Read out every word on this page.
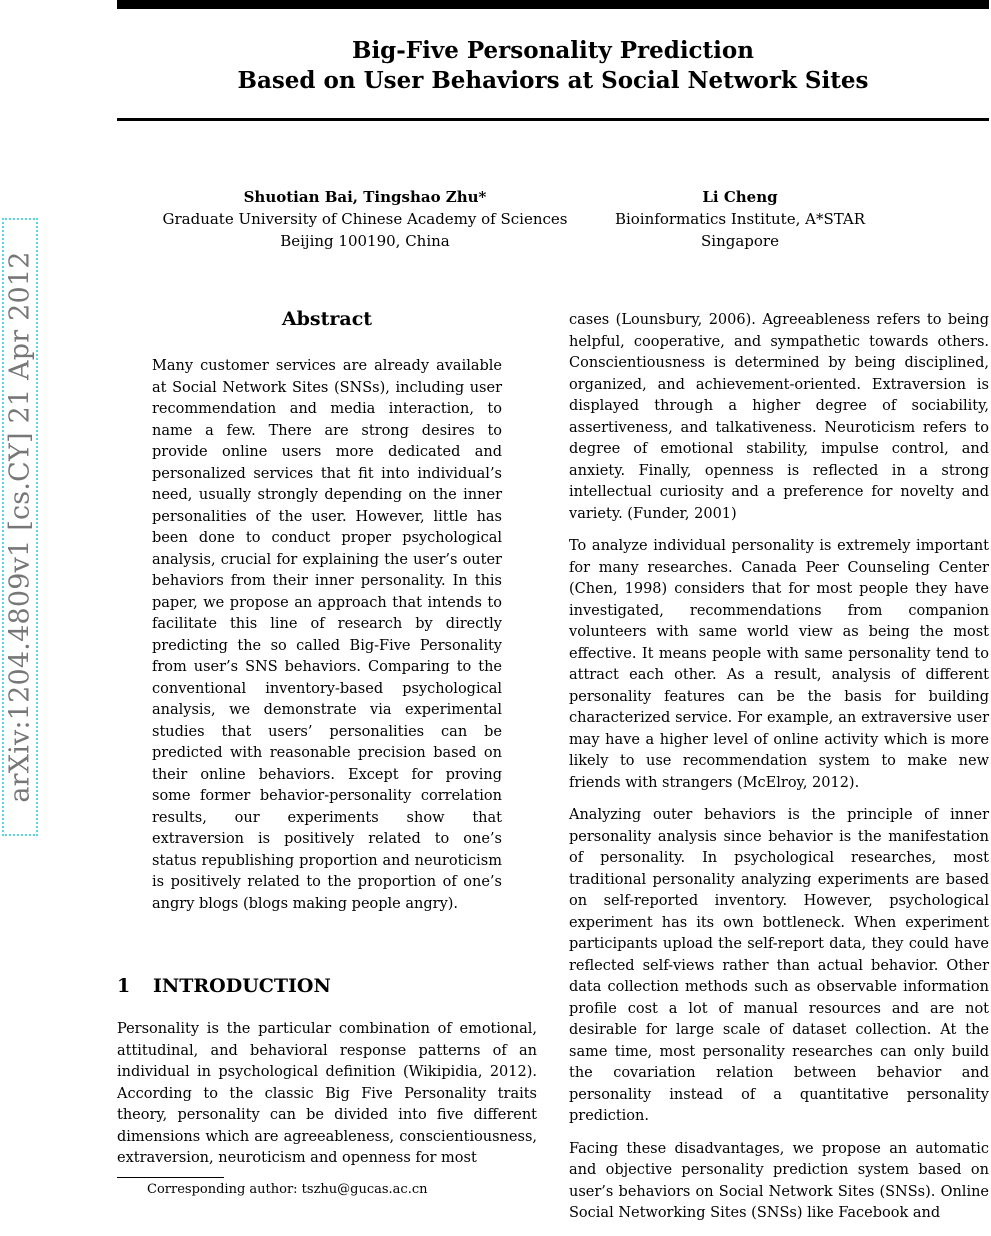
arXiv:1204.4809v1 [cs.CY] 21 Apr 2012
Big-Five Personality Prediction
Based on User Behaviors at Social Network Sites
Shuotian Bai, Tingshao Zhu*
Graduate University of Chinese Academy of Sciences
Beijing 100190, China
Li Cheng
Bioinformatics Institute, A*STAR
Singapore
Abstract

Many customer services are already available at Social Network Sites (SNSs), including user recommendation and media interaction, to name a few. There are strong desires to provide online users more dedicated and personalized services that fit into individual’s need, usually strongly depending on the inner personalities of the user. However, little has been done to conduct proper psychological analysis, crucial for explaining the user’s outer behaviors from their inner personality. In this paper, we propose an approach that intends to facilitate this line of research by directly predicting the so called Big-Five Personality from user’s SNS behaviors. Comparing to the conventional inventory-based psychological analysis, we demonstrate via experimental studies that users’ personalities can be predicted with reasonable precision based on their online behaviors. Except for proving some former behavior-personality correlation results, our experiments show that extraversion is positively related to one’s status republishing proportion and neuroticism is positively related to the proportion of one’s angry blogs (blogs making people angry).

1 INTRODUCTION

Personality is the particular combination of emotional, attitudinal, and behavioral response patterns of an individual in psychological definition (Wikipidia, 2012). According to the classic Big Five Personality traits theory, personality can be divided into five different dimensions which are agreeableness, conscientiousness, extraversion, neuroticism and openness for most

Corresponding author: tszhu@gucas.ac.cn

cases (Lounsbury, 2006). Agreeableness refers to being helpful, cooperative, and sympathetic towards others. Conscientiousness is determined by being disciplined, organized, and achievement-oriented. Extraversion is displayed through a higher degree of sociability, assertiveness, and talkativeness. Neuroticism refers to degree of emotional stability, impulse control, and anxiety. Finally, openness is reflected in a strong intellectual curiosity and a preference for novelty and variety. (Funder, 2001)

To analyze individual personality is extremely important for many researches. Canada Peer Counseling Center (Chen, 1998) considers that for most people they have investigated, recommendations from companion volunteers with same world view as being the most effective. It means people with same personality tend to attract each other. As a result, analysis of different personality features can be the basis for building characterized service. For example, an extraversive user may have a higher level of online activity which is more likely to use recommendation system to make new friends with strangers (McElroy, 2012).

Analyzing outer behaviors is the principle of inner personality analysis since behavior is the manifestation of personality. In psychological researches, most traditional personality analyzing experiments are based on self-reported inventory. However, psychological experiment has its own bottleneck. When experiment participants upload the self-report data, they could have reflected self-views rather than actual behavior. Other data collection methods such as observable information profile cost a lot of manual resources and are not desirable for large scale of dataset collection. At the same time, most personality researches can only build the covariation relation between behavior and personality instead of a quantitative personality prediction.

Facing these disadvantages, we propose an automatic and objective personality prediction system based on user’s behaviors on Social Network Sites (SNSs). Online Social Networking Sites (SNSs) like Facebook and
